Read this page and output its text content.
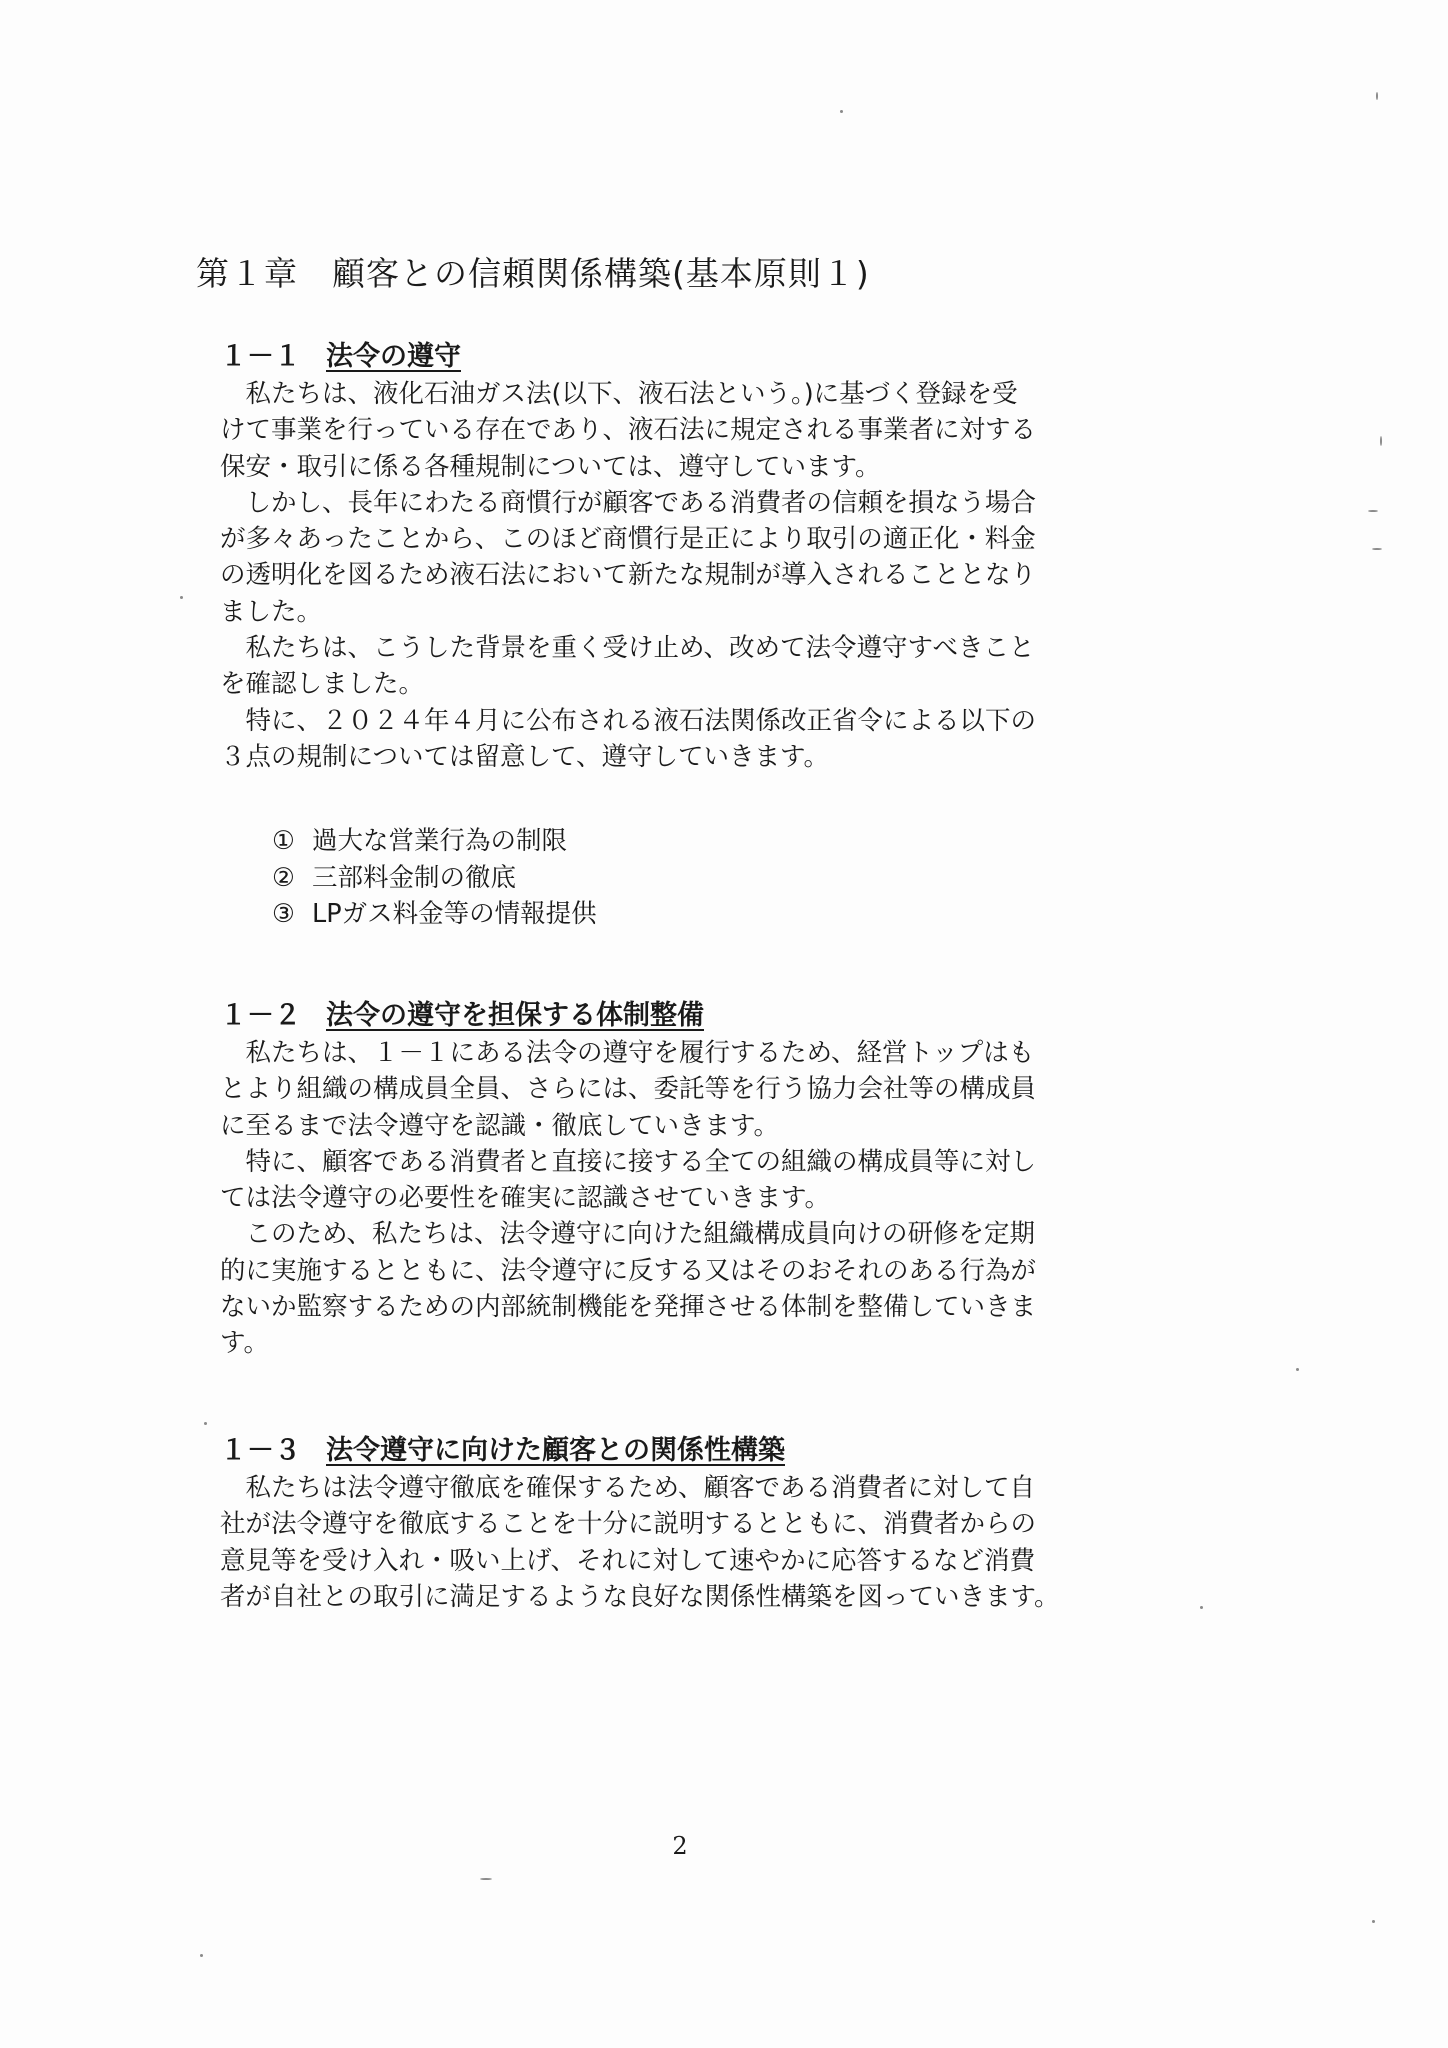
第１章　顧客との信頼関係構築(基本原則１)
１－１ 法令の遵守

　私たちは、液化石油ガス法(以下、液石法という。)に基づく登録を受
けて事業を行っている存在であり、液石法に規定される事業者に対する
保安・取引に係る各種規制については、遵守しています。

　しかし、長年にわたる商慣行が顧客である消費者の信頼を損なう場合
が多々あったことから、このほど商慣行是正により取引の適正化・料金
の透明化を図るため液石法において新たな規制が導入されることとなり
ました。

　私たちは、こうした背景を重く受け止め、改めて法令遵守すべきこと
を確認しました。

　特に、２０２４年４月に公布される液石法関係改正省令による以下の
３点の規制については留意して、遵守していきます。

① 過大な営業行為の制限
② 三部料金制の徹底
③ LPガス料金等の情報提供
１－２ 法令の遵守を担保する体制整備

　私たちは、１－１にある法令の遵守を履行するため、経営トップはも
とより組織の構成員全員、さらには、委託等を行う協力会社等の構成員
に至るまで法令遵守を認識・徹底していきます。

　特に、顧客である消費者と直接に接する全ての組織の構成員等に対し
ては法令遵守の必要性を確実に認識させていきます。

　このため、私たちは、法令遵守に向けた組織構成員向けの研修を定期
的に実施するとともに、法令遵守に反する又はそのおそれのある行為が
ないか監察するための内部統制機能を発揮させる体制を整備していきま
す。

１－３ 法令遵守に向けた顧客との関係性構築

　私たちは法令遵守徹底を確保するため、顧客である消費者に対して自
社が法令遵守を徹底することを十分に説明するとともに、消費者からの
意見等を受け入れ・吸い上げ、それに対して速やかに応答するなど消費
者が自社との取引に満足するような良好な関係性構築を図っていきます。

2
